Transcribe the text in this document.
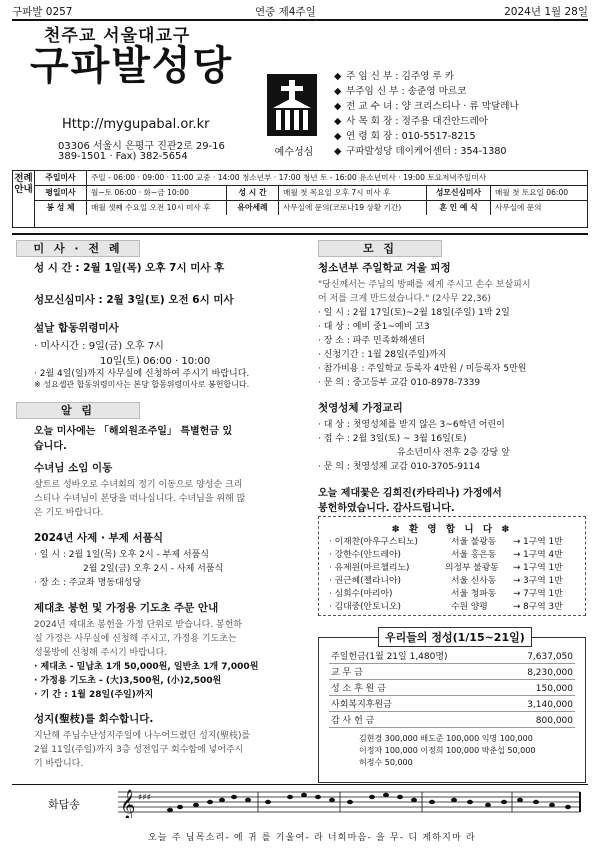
구파발 0257	연중 제4주일	2024년 1월 28일
천주교 서울대교구
구파발성당
Http://mygupabal.or.kr
03306 서울시 은평구 진관2로 29-16
389-1501 · Fax) 382-5654	예수성심
◆ 주 임 신 부 : 김주영 루 카
◆ 부주임 신 부 : 송준영 마르코
◆ 전 교 수 녀 : 양 크리스티나 · 류 막달레나
◆ 사 목 회 장 : 정주용 대건안드레아
◆ 연 령 회 장 : 010-5517-8215
◆ 구파발성당 데이케어센터 : 354-1380
전례안내
주일미사	주일 - 06:00 · 09:00 · 11:00 교중 · 14:00 청소년부 · 17:00 청년 토 - 16:00 유소년미사 · 19:00 토요저녁주일미사
평일미사	월~토 06:00 · 화~금 10:00	성 시 간	매월 첫 목요일 오후 7시 미사 후	성모신심미사	매월 첫 토요일 06:00
봉 성 체	매월 셋째 수요일 오전 10시 미사 후	유아세례	사무실에 문의(코로나19 상황 기간)	혼 인 예 식	사무실에 문의
미 사 · 전 례
성 시 간 : 2월 1일(목) 오후 7시 미사 후
성모신심미사 : 2월 3일(토) 오전 6시 미사
설날 합동위령미사
· 미사시간 : 9일(금) 오후 7시
10일(토) 06:00 · 10:00
· 2월 4일(일)까지 사무실에 신청하여 주시기 바랍니다.
※ 성요셉관 합동위령미사는 본당 합동위령미사로 봉헌합니다.
알 림
오늘 미사에는 「해외원조주일」 특별헌금 있
습니다.
수녀님 소임 이동
샬트르 성바오로 수녀회의 정기 이동으로 양성순 크리
스티나 수녀님이 본당을 떠나십니다. 수녀님을 위해 많
은 기도 바랍니다.
2024년 사제 · 부제 서품식
· 일 시 : 2월 1일(목) 오후 2시 - 부제 서품식
2월 2일(금) 오후 2시 - 사제 서품식
· 장 소 : 주교좌 명동대성당
제대초 봉헌 및 가정용 기도초 주문 안내
2024년 제대초 봉헌을 가정 단위로 받습니다. 봉헌하
실 가정은 사무실에 신청해 주시고, 가정용 기도초는
성물방에 신청해 주시기 바랍니다.
· 제대초 - 밑납초 1개 50,000원, 일반초 1개 7,000원
· 가정용 기도초 - (大)3,500원, (小)2,500원
· 기 간 : 1월 28일(주일)까지
성지(聖枝)를 회수합니다.
지난해 주님수난성지주일에 나누어드렸던 성지(聖枝)를
2월 11일(주일)까지 3층 성전입구 회수함에 넣어주시
기 바랍니다.
모 집
청소년부 주일학교 겨울 피정
"당신께서는 주님의 방패를 제게 주시고 손수 보살피시
어 저를 크게 만드셨습니다." (2사무 22,36)
· 일 시 : 2월 17일(토)~2월 18일(주일) 1박 2일
· 대 상 : 예비 중1~예비 고3
· 장 소 : 파주 민족화해센터
· 신청기간 : 1월 28일(주일)까지
· 참가비용 : 주일학교 등록자 4만원 / 미등록자 5만원
· 문 의 : 중고등부 교감 010-8978-7339
첫영성체 가정교리
· 대 상 : 첫영성체를 받지 않은 3~6학년 어린이
· 접 수 : 2월 3일(토) ~ 3월 16일(토)
유소년미사 전후 2층 강당 앞
· 문 의 : 첫영성체 교감 010-3705-9114
오늘 제대꽃은 김희진(카타리나) 가정에서
봉헌하였습니다. 감사드립니다.
✽ 환 영 합 니 다 ✽
· 이재찬(아우구스티노)	서울 불광동 → 1구역 1반
· 강한수(안드레아)	서울 홍은동 → 1구역 4반
· 유제원(마르첼리노)	의정부 불광동 → 1구역 1반
· 권근혜(젤라니아)	서울 신사동 → 3구역 1반
· 심희수(마리아)	서울 청파동 → 7구역 1반
· 김대중(안토니오)	수원 양평	→ 8구역 3반
주일헌금(1월 21일 1,480명)	7,637,050
교 무 금	8,230,000
성 소 후 원 금	150,000
사회복지후원금	3,140,000
감 사 헌 금	800,000
김현경 300,000 배도준 100,000 익명 100,000
이정자 100,000 이정희 100,000 박춘섭 50,000
허정수 50,000
우리들의 정성(1/15~21일)
화답송 𝄞 ♯♯♯
오늘 주 님목소리- 에 귀 를 기울여- 라 너희마음- 을 무- 디 게하지마 라
